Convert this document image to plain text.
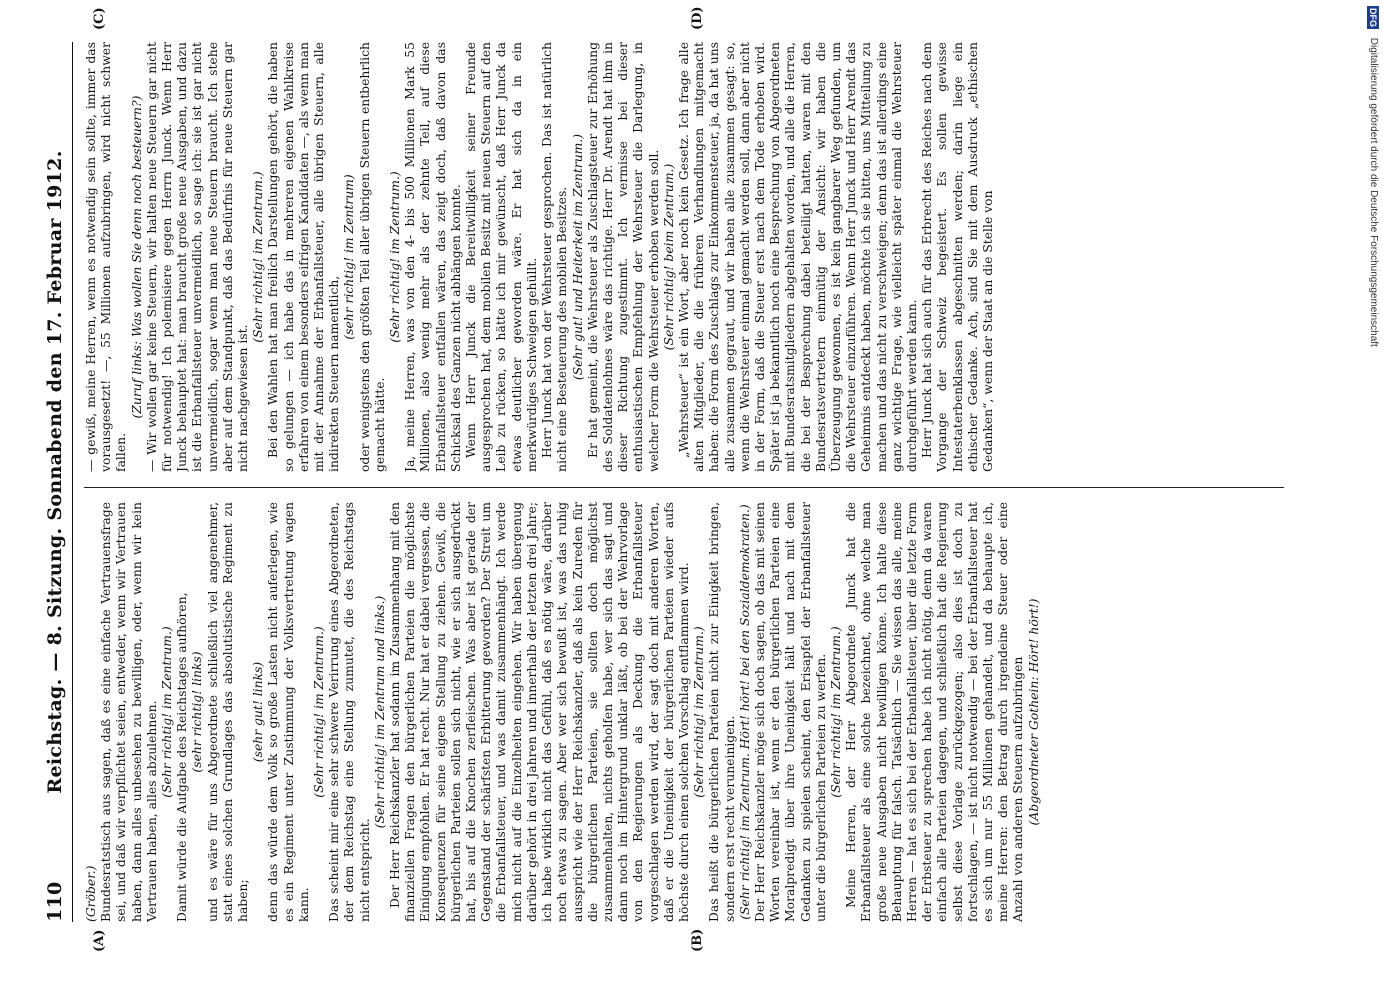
110
Reichstag. — 8. Sitzung. Sonnabend den 17. Februar 1912.
(A)	(B)
(C)	(D)

(Gröber.) Bundesratstisch aus sagen, daß es eine einfache Vertrauensfrage sei, und daß wir verpflichtet seien, entweder, wenn wir Vertrauen haben, dann alles unbesehen zu bewilligen, oder, wenn wir kein Vertrauen haben, alles abzulehnen. (Sehr richtig! im Zentrum.) Damit würde die Aufgabe des Reichstages aufhören, (sehr richtig! links) und es wäre für uns Abgeordnete schließlich viel angenehmer, statt eines solchen Grundlages das absolutistische Regiment zu haben;

(sehr gut! links) denn das würde dem Volk so große Lasten nicht auferlegen, wie es ein Regiment unter Zustimmung der Volksvertretung wagen kann.

(Sehr richtig! im Zentrum.) Das scheint mir eine sehr schwere Verirrung eines Abgeordneten, der dem Reichstag eine Stellung zumutet, die des Reichstags nicht entspricht.

(Sehr richtig! im Zentrum und links.) Der Herr Reichskanzler hat sodann im Zusammenhang mit den finanziellen Fragen den bürgerlichen Parteien die möglichste Einigung empfohlen. Er hat recht. Nur hat er dabei vergessen, die Konsequenzen für seine eigene Stellung zu ziehen. Gewiß, die bürgerlichen Parteien sollen sich nicht, wie er sich ausgedrückt hat, bis auf die Knochen zerfleischen. Was aber ist gerade der Gegenstand der schärfsten Erbitterung geworden? Der Streit um die Erbanfallsteuer, und was damit zusammenhängt. Ich werde mich nicht auf die Einzelheiten eingehen. Wir haben übergenug darüber gehört in drei Jahren und innerhalb der letzten drei Jahre; ich habe wirklich nicht das Gefühl, daß es nötig wäre, darüber noch etwas zu sagen. Aber wer sich bewußt ist, was das ruhig ausspricht wie der Herr Reichskanzler, daß als kein Zureden für die bürgerlichen Parteien, sie sollten doch möglichst zusammenhalten, nichts geholfen habe, wer sich das sagt und dann noch im Hintergrund unklar läßt, ob bei der Wehrvorlage von den Regierungen als Deckung die Erbanfallsteuer vorgeschlagen werden wird, der sagt doch mit anderen Worten, daß er die Uneinigkeit der bürgerlichen Parteien wieder aufs höchste durch einen solchen Vorschlag entflammen wird. (Sehr richtig! im Zentrum.) Das heißt die bürgerlichen Parteien nicht zur Einigkeit bringen, sondern erst recht veruneinigen. (Sehr richtig! im Zentrum. Hört! hört! bei den Sozialdemokraten.) Der Herr Reichskanzler möge sich doch sagen, ob das mit seinen Worten vereinbar ist, wenn er den bürgerlichen Parteien eine Moralpredigt über ihre Uneinigkeit hält und nach mit dem Gedanken zu spielen scheint, den Erisapfel der Erbanfallsteuer unter die bürgerlichen Parteien zu werfen. (Sehr richtig! im Zentrum.) Meine Herren, der Herr Abgeordnete Junck hat die Erbanfallsteuer als eine solche bezeichnet, ohne welche man große neue Ausgaben nicht bewilligen könne. Ich halte diese Behauptung für falsch. Tatsächlich — Sie wissen das alle, meine Herren — hat es sich bei der Erbanfallsteuer, über die letzte Form der Erbsteuer zu sprechen habe ich nicht nötig, denn da waren einfach alle Parteien dagegen, und schließlich hat die Regierung selbst diese Vorlage zurückgezogen; also dies ist doch zu fortschlagen, — ist nicht notwendig — bei der Erbanfallsteuer hat es sich um nur 55 Millionen gehandelt, und da behaupte ich, meine Herren: den Betrag durch irgendeine Steuer oder eine Anzahl von anderen Steuern aufzubringen (Abgeordneter Gothein: Hört! hört!)

— gewiß, meine Herren, wenn es notwendig sein sollte, immer das vorausgesetzt! —, 55 Millionen aufzubringen, wird nicht schwer fallen.

(Zuruf links: Was wollen Sie denn noch besteuern?) — Wir wollen gar keine Steuern, wir halten neue Steuern gar nicht für notwendig! Ich polemisiere gegen Herrn Junck. Wenn Herr Junck behauptet hat: man braucht große neue Ausgaben, und dazu ist die Erbanfallsteuer unvermeidlich, so sage ich: sie ist gar nicht unvermeidlich, sogar wenn man neue Steuern braucht. Ich stehe aber auf dem Standpunkt, daß das Bedürfnis für neue Steuern gar nicht nachgewiesen ist.

(Sehr richtig! im Zentrum.) Bei den Wahlen hat man freilich Darstellungen gehört, die haben so gelungen — ich habe das in mehreren eigenen Wahlkreise erfahren von einem besonders eifrigen Kandidaten —, als wenn man mit der Annahme der Erbanfallsteuer, alle übrigen Steuern, alle indirekten Steuern namentlich,

(sehr richtig! im Zentrum) oder wenigstens den größten Teil aller übrigen Steuern entbehrlich gemacht hätte.

(Sehr richtig! im Zentrum.) Ja, meine Herren, was von den 4- bis 500 Millionen Mark 55 Millionen, also wenig mehr als der zehnte Teil, auf diese Erbanfallsteuer entfallen wären, das zeigt doch, daß davon das Schicksal des Ganzen nicht abhängen konnte. Wenn Herr Junck die Bereitwilligkeit seiner Freunde ausgesprochen hat, dem mobilen Besitz mit neuen Steuern auf den Leib zu rücken, so hätte ich mir gewünscht, daß Herr Junck da etwas deutlicher geworden wäre. Er hat sich da in ein merkwürdiges Schweigen gehüllt. Herr Junck hat von der Wehrsteuer gesprochen. Das ist natürlich nicht eine Besteuerung des mobilen Besitzes. (Sehr gut! und Heiterkeit im Zentrum.) Er hat gemeint, die Wehrsteuer als Zuschlagsteuer zur Erhöhung des Soldatenlohnes wäre das richtige. Herr Dr. Arendt hat ihm in dieser Richtung zugestimmt. Ich vermisse bei dieser enthusiastischen Empfehlung der Wehrsteuer die Darlegung, in welcher Form die Wehrsteuer erhoben werden soll. (Sehr richtig! beim Zentrum.) „Wehrsteuer“ ist ein Wort, aber noch kein Gesetz. Ich frage alle alten Mitglieder, die die früheren Verhandlungen mitgemacht haben: die Form des Zuschlags zur Einkommensteuer, ja, da hat uns alle zusammen gegraut, und wir haben alle zusammen gesagt: so, wenn die Wehrsteuer einmal gemacht werden soll, dann aber nicht in der Form, daß die Steuer erst nach dem Tode erhoben wird. Später ist ja bekanntlich noch eine Besprechung von Abgeordneten mit Bundesratsmitgliedern abgehalten worden, und alle die Herren, die bei der Besprechung dabei beteiligt hatten, waren mit den Bundesratsvertretern einmütig der Ansicht: wir haben die Überzeugung gewonnen, es ist kein gangbarer Weg gefunden, um die Wehrsteuer einzuführen. Wenn Herr Junck und Herr Arendt das Geheimnis entdeckt haben, möchte ich sie bitten, uns Mitteilung zu machen und das nicht zu verschweigen; denn das ist allerdings eine ganz wichtige Frage, wie vielleicht später einmal die Wehrsteuer durchgeführt werden kann. Herr Junck hat sich auch für das Erbrecht des Reiches nach dem Vorgange der Schweiz begeistert. Es sollen gewisse Intestaterbenklassen abgeschnitten werden; darin liege ein ethischer Gedanke. Ach, sind Sie mit dem Ausdruck „ethischen Gedanken“, wenn der Staat an die Stelle von

DFG Digitalisierung gefördert durch die Deutsche Forschungsgemeinschaft
